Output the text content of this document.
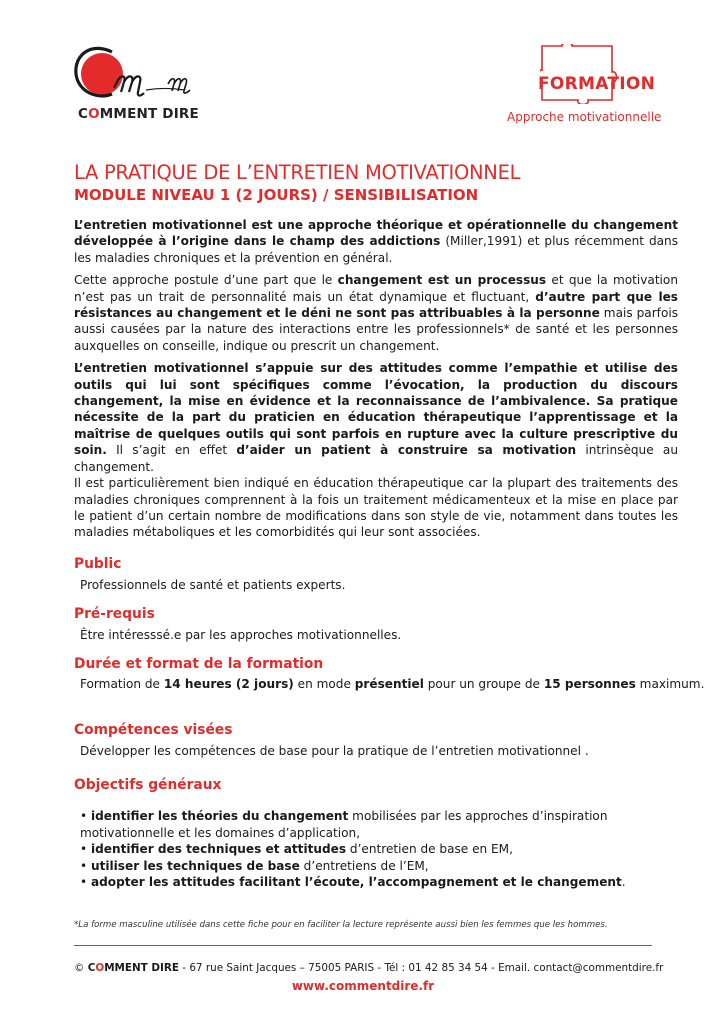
COMMENT DIRE
FORMATION
Approche motivationnelle
LA PRATIQUE DE L’ENTRETIEN MOTIVATIONNEL
MODULE NIVEAU 1 (2 JOURS) / SENSIBILISATION

L’entretien motivationnel est une approche théorique et opérationnelle du changement développée à l’origine dans le champ des addictions (Miller,1991) et plus récemment dans les maladies chroniques et la prévention en général.

Cette approche postule d’une part que le changement est un processus et que la motivation n’est pas un trait de personnalité mais un état dynamique et fluctuant, d’autre part que les résistances au changement et le déni ne sont pas attribuables à la personne mais parfois aussi causées par la nature des interactions entre les professionnels* de santé et les personnes auxquelles on conseille, indique ou prescrit un changement.

L’entretien motivationnel s’appuie sur des attitudes comme l’empathie et utilise des outils qui lui sont spécifiques comme l’évocation, la production du discours changement, la mise en évidence et la reconnaissance de l’ambivalence. Sa pratique nécessite de la part du praticien en éducation thérapeutique l’apprentissage et la maîtrise de quelques outils qui sont parfois en rupture avec la culture prescriptive du soin. Il s’agit en effet d’aider un patient à construire sa motivation intrinsèque au changement.

Il est particulièrement bien indiqué en éducation thérapeutique car la plupart des traitements des maladies chroniques comprennent à la fois un traitement médicamenteux et la mise en place par le patient d’un certain nombre de modifications dans son style de vie, notamment dans toutes les maladies métaboliques et les comorbidités qui leur sont associées.

Public
Professionnels de santé et patients experts.
Pré-requis
Être intéresssé.e par les approches motivationnelles.
Durée et format de la formation
Formation de 14 heures (2 jours) en mode présentiel pour un groupe de 15 personnes maximum.
Compétences visées
Développer les compétences de base pour la pratique de l’entretien motivationnel .
Objectifs généraux
• identifier les théories du changement mobilisées par les approches d’inspiration motivationnelle et les domaines d’application,
• identifier des techniques et attitudes d’entretien de base en EM,
• utiliser les techniques de base d’entretiens de l’EM,
• adopter les attitudes facilitant l’écoute, l’accompagnement et le changement.
*La forme masculine utilisée dans cette fiche pour en faciliter la lecture représente aussi bien les femmes que les hommes.
© COMMENT DIRE - 67 rue Saint Jacques – 75005 PARIS - Tél : 01 42 85 34 54 - Email. contact@commentdire.fr
www.commentdire.fr
